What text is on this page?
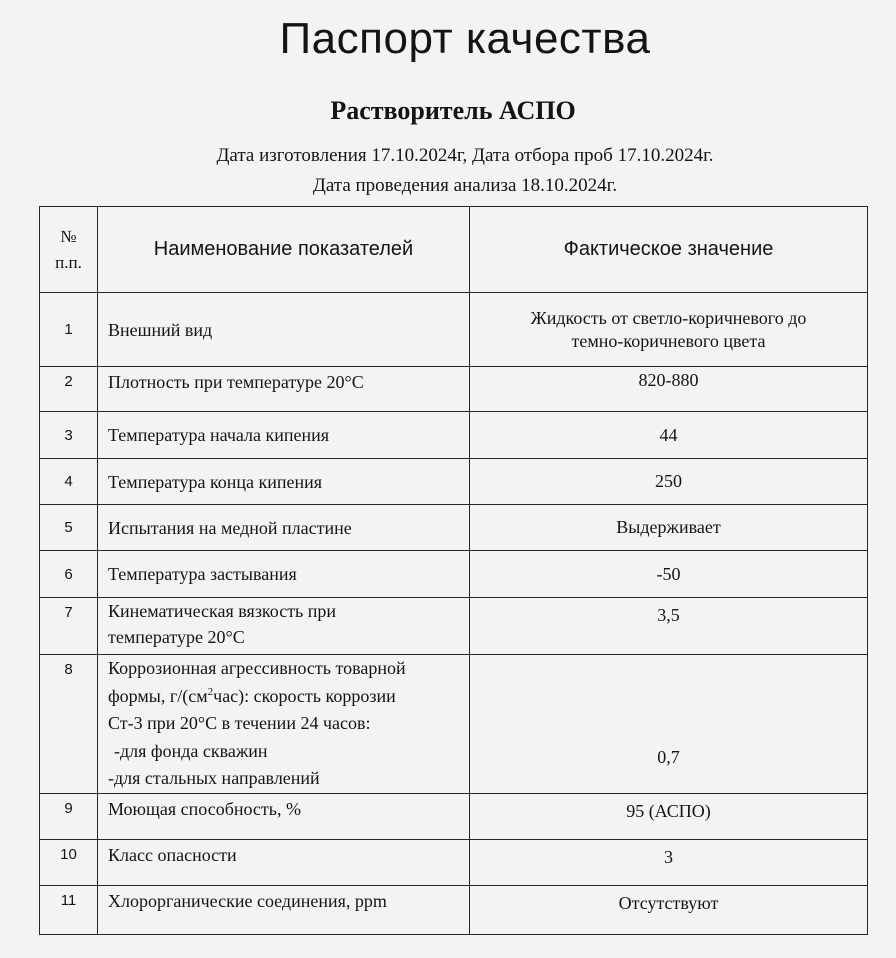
Паспорт качества
Растворитель АСПО
Дата изготовления 17.10.2024г, Дата отбора проб 17.10.2024г.
Дата проведения анализа 18.10.2024г.
№
п.п.	Наименование показателей	Фактическое значение
1	Внешний вид	Жидкость от светло-коричневого до темно-коричневого цвета
2	Плотность при температуре 20°С	820-880
3	Температура начала кипения	44
4	Температура конца кипения	250
5	Испытания на медной пластине	Выдерживает
6	Температура застывания	-50
7	Кинематическая вязкость при температуре 20°С	3,5
8	Коррозионная агрессивность товарной
формы, $г/(см^2час)$: скорость коррозии
Ст-3 при 20°С в течении 24 часов:
-для фонда скважин
-для стальных направлений	0,7
9	Моющая способность, %	95 (АСПО)
10	Класс опасности	3
11	Хлорорганические соединения, ppm	Отсутствуют
